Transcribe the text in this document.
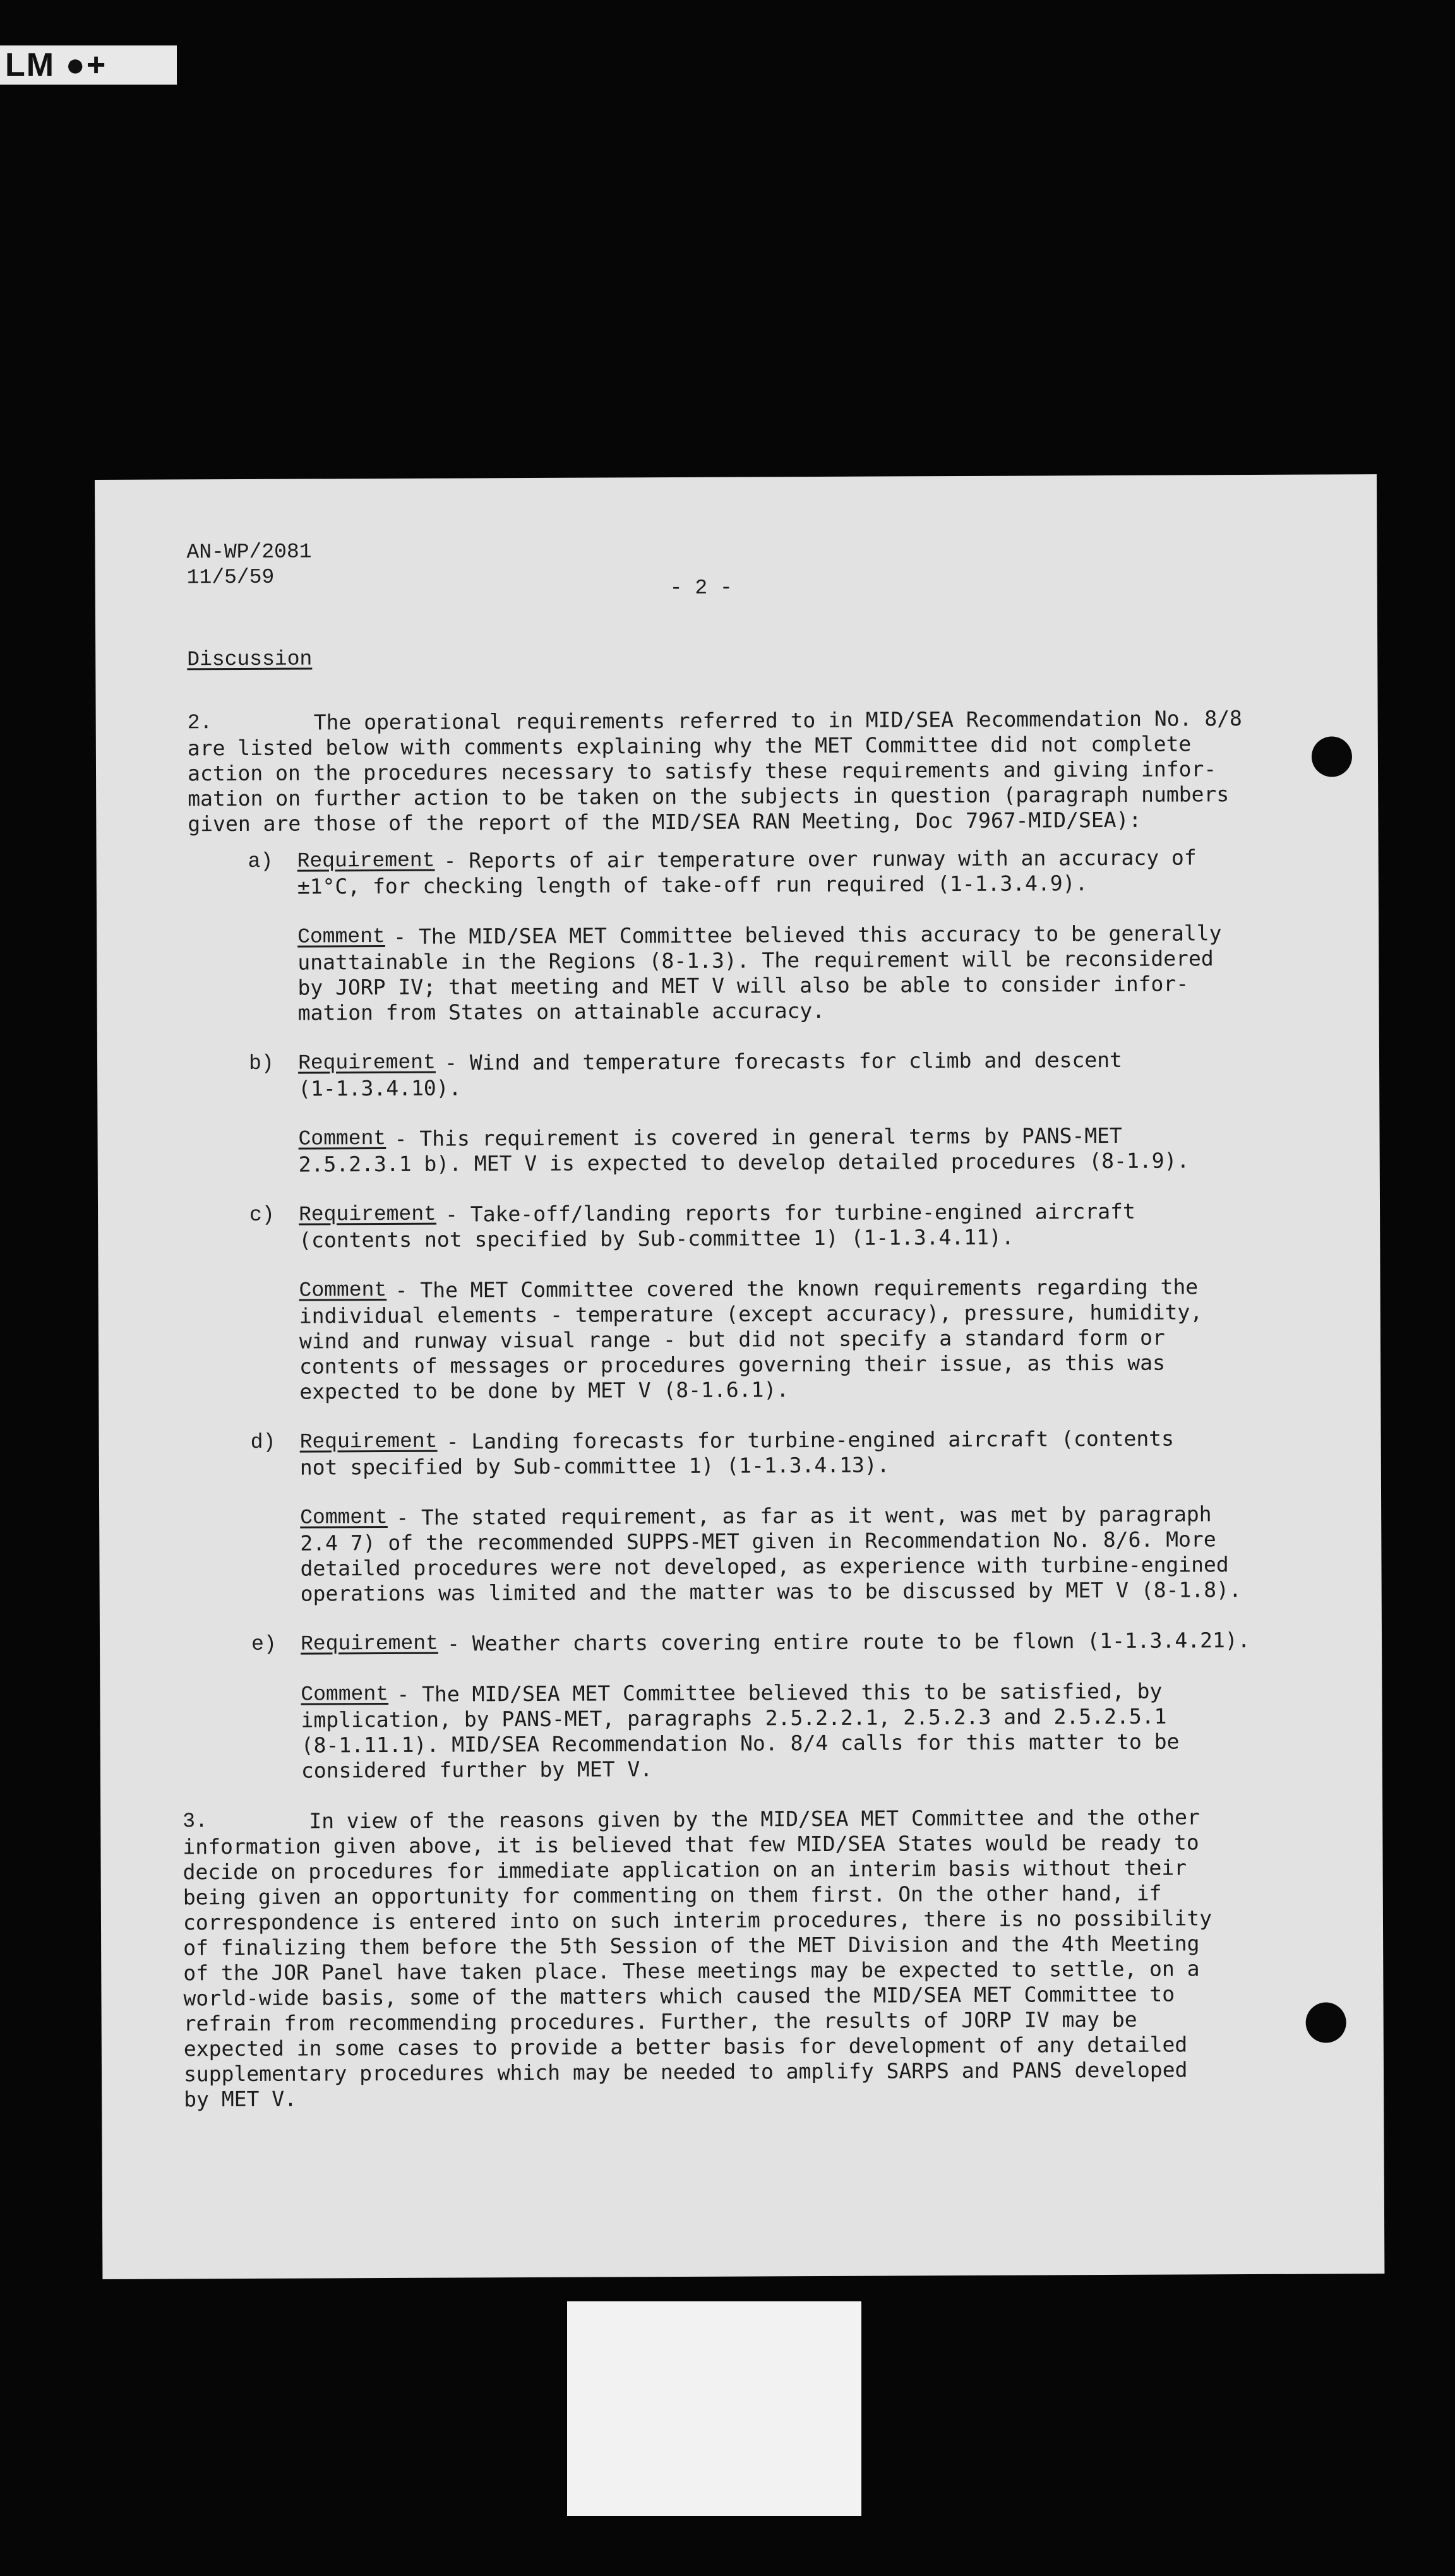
LM ●+
AN-WP/2081
11/5/59	- 2 -
Discussion
2.	The operational requirements referred to in MID/SEA Recommendation No. 8/8
are listed below with comments explaining why the MET Committee did not complete
action on the procedures necessary to satisfy these requirements and giving infor-
mation on further action to be taken on the subjects in question (paragraph numbers
given are those of the report of the MID/SEA RAN Meeting, Doc 7967-MID/SEA):
a) Requirement - Reports of air temperature over runway with an accuracy of
±1°C, for checking length of take-off run required (1-1.3.4.9).
Comment - The MID/SEA MET Committee believed this accuracy to be generally
unattainable in the Regions (8-1.3). The requirement will be reconsidered
by JORP IV; that meeting and MET V will also be able to consider infor-
mation from States on attainable accuracy.
b) Requirement - Wind and temperature forecasts for climb and descent
(1-1.3.4.10).
Comment - This requirement is covered in general terms by PANS-MET
2.5.2.3.1 b). MET V is expected to develop detailed procedures (8-1.9).
c) Requirement - Take-off/landing reports for turbine-engined aircraft
(contents not specified by Sub-committee 1) (1-1.3.4.11).
Comment - The MET Committee covered the known requirements regarding the
individual elements - temperature (except accuracy), pressure, humidity,
wind and runway visual range - but did not specify a standard form or
contents of messages or procedures governing their issue, as this was
expected to be done by MET V (8-1.6.1).
d) Requirement - Landing forecasts for turbine-engined aircraft (contents
not specified by Sub-committee 1) (1-1.3.4.13).
Comment - The stated requirement, as far as it went, was met by paragraph
2.4 7) of the recommended SUPPS-MET given in Recommendation No. 8/6. More
detailed procedures were not developed, as experience with turbine-engined
operations was limited and the matter was to be discussed by MET V (8-1.8).
e) Requirement - Weather charts covering entire route to be flown (1-1.3.4.21).
Comment - The MID/SEA MET Committee believed this to be satisfied, by
implication, by PANS-MET, paragraphs 2.5.2.2.1, 2.5.2.3 and 2.5.2.5.1
(8-1.11.1). MID/SEA Recommendation No. 8/4 calls for this matter to be
considered further by MET V.
3.	In view of the reasons given by the MID/SEA MET Committee and the other
information given above, it is believed that few MID/SEA States would be ready to
decide on procedures for immediate application on an interim basis without their
being given an opportunity for commenting on them first. On the other hand, if
correspondence is entered into on such interim procedures, there is no possibility
of finalizing them before the 5th Session of the MET Division and the 4th Meeting
of the JOR Panel have taken place. These meetings may be expected to settle, on a
world-wide basis, some of the matters which caused the MID/SEA MET Committee to
refrain from recommending procedures. Further, the results of JORP IV may be
expected in some cases to provide a better basis for development of any detailed
supplementary procedures which may be needed to amplify SARPS and PANS developed
by MET V.
